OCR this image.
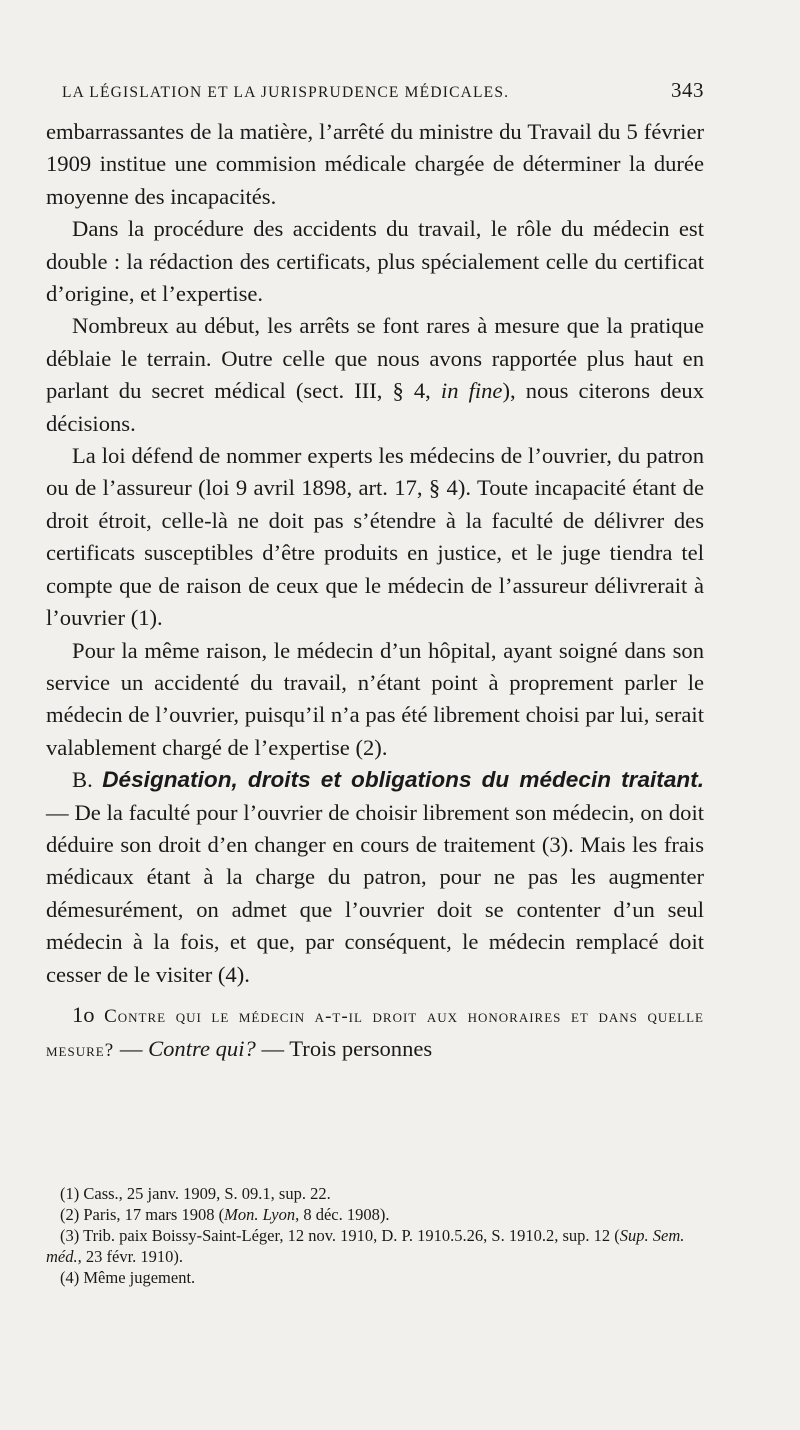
LA LÉGISLATION ET LA JURISPRUDENCE MÉDICALES.	343

embarrassantes de la matière, l’arrêté du ministre du Travail du 5 février 1909 institue une commision médicale chargée de déterminer la durée moyenne des incapacités.

Dans la procédure des accidents du travail, le rôle du médecin est double : la rédaction des certificats, plus spécialement celle du certificat d’origine, et l’expertise.

Nombreux au début, les arrêts se font rares à mesure que la pratique déblaie le terrain. Outre celle que nous avons rapportée plus haut en parlant du secret médical (sect. III, § 4, in fine), nous citerons deux décisions.

La loi défend de nommer experts les médecins de l’ouvrier, du patron ou de l’assureur (loi 9 avril 1898, art. 17, § 4). Toute incapacité étant de droit étroit, celle-là ne doit pas s’étendre à la faculté de délivrer des certificats susceptibles d’être produits en justice, et le juge tiendra tel compte que de raison de ceux que le médecin de l’assureur délivrerait à l’ouvrier (1).

Pour la même raison, le médecin d’un hôpital, ayant soigné dans son service un accidenté du travail, n’étant point à proprement parler le médecin de l’ouvrier, puisqu’il n’a pas été librement choisi par lui, serait valablement chargé de l’expertise (2).

B. Désignation, droits et obligations du médecin traitant. — De la faculté pour l’ouvrier de choisir librement son médecin, on doit déduire son droit d’en changer en cours de traitement (3). Mais les frais médicaux étant à la charge du patron, pour ne pas les augmenter démesurément, on admet que l’ouvrier doit se contenter d’un seul médecin à la fois, et que, par conséquent, le médecin remplacé doit cesser de le visiter (4).

1o Contre qui le médecin a-t-il droit aux honoraires et dans quelle mesure? — Contre qui? — Trois personnes

(1) Cass., 25 janv. 1909, S. 09.1, sup. 22.

(2) Paris, 17 mars 1908 (Mon. Lyon, 8 déc. 1908).

(3) Trib. paix Boissy-Saint-Léger, 12 nov. 1910, D. P. 1910.5.26, S. 1910.2, sup. 12 (Sup. Sem. méd., 23 févr. 1910).

(4) Même jugement.
